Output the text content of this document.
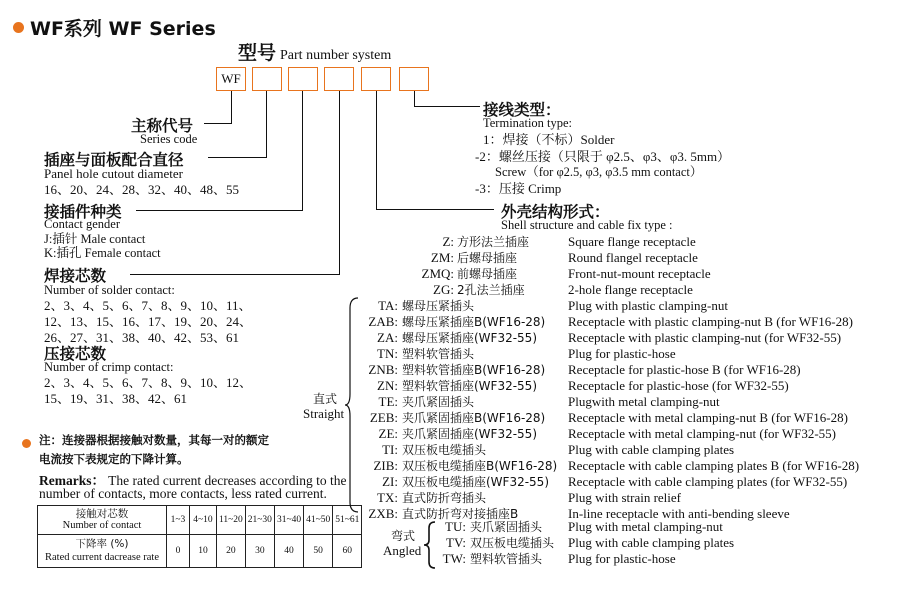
WF系列 WF Series
型号 Part number system
WF
主称代号
Series code
插座与面板配合直径
Panel hole cutout diameter
16、20、24、28、32、40、48、55
接插件种类
Contact gender
J:插针 Male contact
K:插孔 Female contact
焊接芯数
Number of solder contact:
2、3、4、5、6、7、8、9、10、11、
12、13、15、16、17、19、20、24、
26、27、31、38、40、42、53、61
压接芯数
Number of crimp contact:
2、3、4、5、6、7、8、9、10、12、
15、19、31、38、42、61
注：连接器根据接触对数量，其每一对的额定
电流按下表规定的下降计算。
Remarks： The rated current decreases according to the
number of contacts, more contacts, less rated current.
接触对芯数
Number of contact	1~3	4~10	11~20	21~30	31~40	41~50	51~61

下降率 (%)
Rated current dacrease rate	0	10	20	30	40	50	60
接线类型：
Termination type:
1：焊接（不标）Solder
-2：螺丝压接（只限于 φ2.5、φ3、φ3. 5mm）
Screw（for φ2.5, φ3, φ3.5 mm contact）
-3：压接 Crimp
外壳结构形式：
Shell structure and cable fix type :
Z: 方形法兰插座	Square flange receptacle
ZM: 后螺母插座	Round flangel receptacle
ZMQ: 前螺母插座	Front-nut-mount receptacle
ZG: 2孔法兰插座	2-hole flange receptacle
直式
Straight
TA: 螺母压紧插头	Plug with plastic clamping-nut
ZAB: 螺母压紧插座B(WF16-28) Receptacle with plastic clamping-nut B (for WF16-28)
ZA: 螺母压紧插座(WF32-55) Receptacle with plastic clamping-nut (for WF32-55)
TN: 塑料软管插头	Plug for plastic-hose
ZNB: 塑料软管插座B(WF16-28) Receptacle for plastic-hose B (for WF16-28)
ZN: 塑料软管插座(WF32-55) Receptacle for plastic-hose (for WF32-55)
TE: 夹爪紧固插头	Plugwith metal clamping-nut
ZEB: 夹爪紧固插座B(WF16-28) Receptacle with metal clamping-nut B (for WF16-28)
ZE: 夹爪紧固插座(WF32-55) Receptacle with metal clamping-nut (for WF32-55)
TI: 双压板电缆插头	Plug with cable clamping plates
ZIB: 双压板电缆插座B(WF16-28) Receptacle with cable clamping plates B (for WF16-28)
ZI: 双压板电缆插座(WF32-55) Receptacle with cable clamping plates (for WF32-55)
TX: 直式防折弯插头	Plug with strain relief
ZXB: 直式防折弯对接插座B	In-line receptacle with anti-bending sleeve
弯式
Angled
TU: 夹爪紧固插头 Plug with metal clamping-nut
TV: 双压板电缆插头 Plug with cable clamping plates
TW: 塑料软管插头 Plug for plastic-hose
